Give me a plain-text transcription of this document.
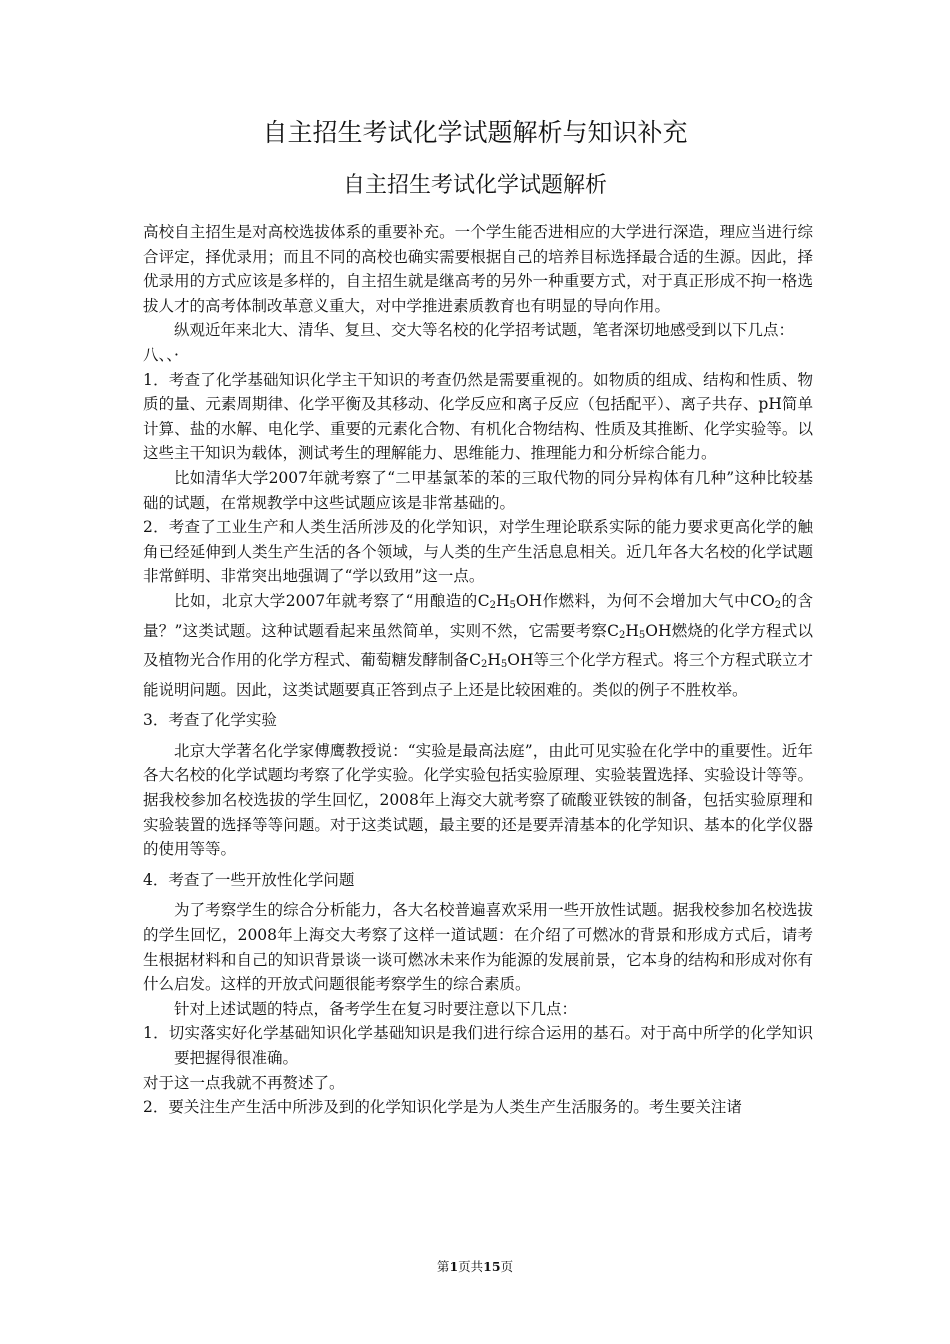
自主招生考试化学试题解析与知识补充
自主招生考试化学试题解析

高校自主招生是对高校选拔体系的重要补充。一个学生能否进相应的大学进行深造，理应当进行综合评定，择优录用；而且不同的高校也确实需要根据自己的培养目标选择最合适的生源。因此，择优录用的方式应该是多样的，自主招生就是继高考的另外一种重要方式，对于真正形成不拘一格选拔人才的高考体制改革意义重大，对中学推进素质教育也有明显的导向作用。

纵观近年来北大、清华、复旦、交大等名校的化学招考试题，笔者深切地感受到以下几点：

八、、·

1．考查了化学基础知识化学主干知识的考查仍然是需要重视的。如物质的组成、结构和性质、物质的量、元素周期律、化学平衡及其移动、化学反应和离子反应（包括配平）、离子共存、pH简单计算、盐的水解、电化学、重要的元素化合物、有机化合物结构、性质及其推断、化学实验等。以这些主干知识为载体，测试考生的理解能力、思维能力、推理能力和分析综合能力。

比如清华大学2007年就考察了“二甲基氯苯的苯的三取代物的同分异构体有几种”这种比较基础的试题，在常规教学中这些试题应该是非常基础的。

2．考查了工业生产和人类生活所涉及的化学知识，对学生理论联系实际的能力要求更高化学的触角已经延伸到人类生产生活的各个领域，与人类的生产生活息息相关。近几年各大名校的化学试题非常鲜明、非常突出地强调了“学以致用”这一点。

比如，北京大学2007年就考察了“用酿造的$C_2H_5OH$作燃料，为何不会增加大气中$CO_2$的含量？”这类试题。这种试题看起来虽然简单，实则不然，它需要考察$C_2H_5OH$燃烧的化学方程式以及植物光合作用的化学方程式、葡萄糖发酵制备$C_2H_5OH$等三个化学方程式。将三个方程式联立才能说明问题。因此，这类试题要真正答到点子上还是比较困难的。类似的例子不胜枚举。

3．考查了化学实验

北京大学著名化学家傅鹰教授说：“实验是最高法庭”，由此可见实验在化学中的重要性。近年各大名校的化学试题均考察了化学实验。化学实验包括实验原理、实验装置选择、实验设计等等。据我校参加名校选拔的学生回忆，2008年上海交大就考察了硫酸亚铁铵的制备，包括实验原理和实验装置的选择等等问题。对于这类试题，最主要的还是要弄清基本的化学知识、基本的化学仪器的使用等等。

4．考查了一些开放性化学问题

为了考察学生的综合分析能力，各大名校普遍喜欢采用一些开放性试题。据我校参加名校选拔的学生回忆，2008年上海交大考察了这样一道试题：在介绍了可燃冰的背景和形成方式后，请考生根据材料和自己的知识背景谈一谈可燃冰未来作为能源的发展前景，它本身的结构和形成对你有什么启发。这样的开放式问题很能考察学生的综合素质。

针对上述试题的特点，备考学生在复习时要注意以下几点：

1．切实落实好化学基础知识化学基础知识是我们进行综合运用的基石。对于高中所学的化学知识要把握得很准确。

对于这一点我就不再赘述了。

2．要关注生产生活中所涉及到的化学知识化学是为人类生产生活服务的。考生要关注诸

第1页共15页
